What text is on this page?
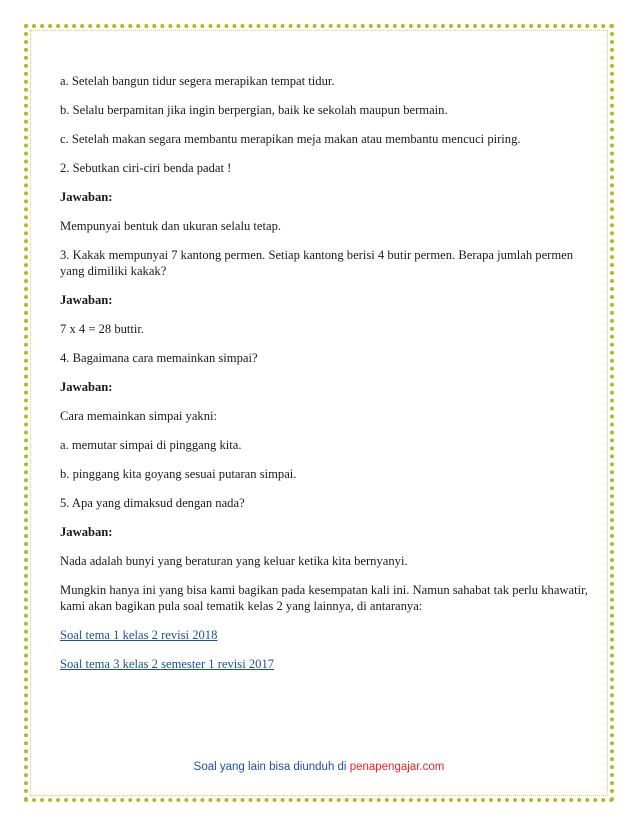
a. Setelah bangun tidur segera merapikan tempat tidur.

b. Selalu berpamitan jika ingin berpergian, baik ke sekolah maupun bermain.

c. Setelah makan segara membantu merapikan meja makan atau membantu mencuci piring.

2. Sebutkan ciri-ciri benda padat !

Jawaban:

Mempunyai bentuk dan ukuran selalu tetap.

3. Kakak mempunyai 7 kantong permen. Setiap kantong berisi 4 butir permen. Berapa jumlah permen yang dimiliki kakak?

Jawaban:

7 x 4 = 28 buttir.

4. Bagaimana cara memainkan simpai?

Jawaban:

Cara memainkan simpai yakni:

a. memutar simpai di pinggang kita.

b. pinggang kita goyang sesuai putaran simpai.

5. Apa yang dimaksud dengan nada?

Jawaban:

Nada adalah bunyi yang beraturan yang keluar ketika kita bernyanyi.

Mungkin hanya ini yang bisa kami bagikan pada kesempatan kali ini. Namun sahabat tak perlu khawatir, kami akan bagikan pula soal tematik kelas 2 yang lainnya, di antaranya:

Soal tema 1 kelas 2 revisi 2018

Soal tema 3 kelas 2 semester 1 revisi 2017

Soal yang lain bisa diunduh di penapengajar.com
